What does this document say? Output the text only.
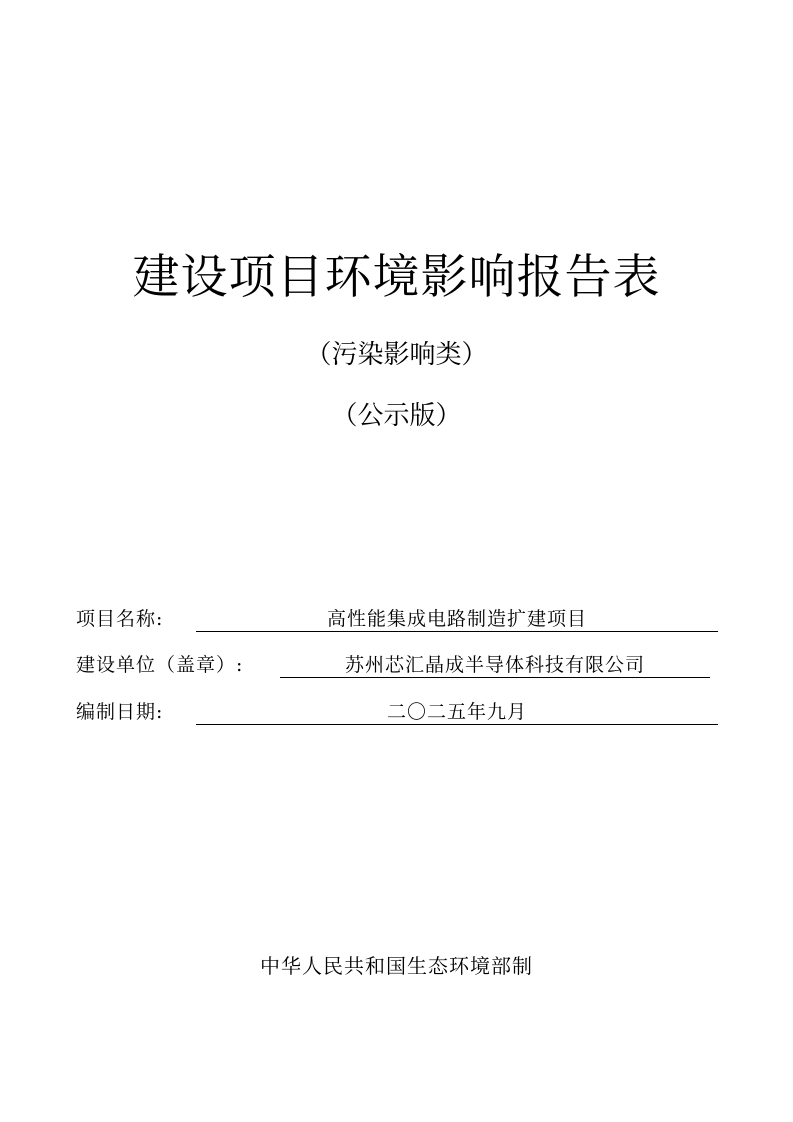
建设项目环境影响报告表
（污染影响类）
（公示版）
项目名称:	高性能集成电路制造扩建项目
建设单位（盖章）:	苏州芯汇晶成半导体科技有限公司
编制日期:	二〇二五年九月
中华人民共和国生态环境部制
